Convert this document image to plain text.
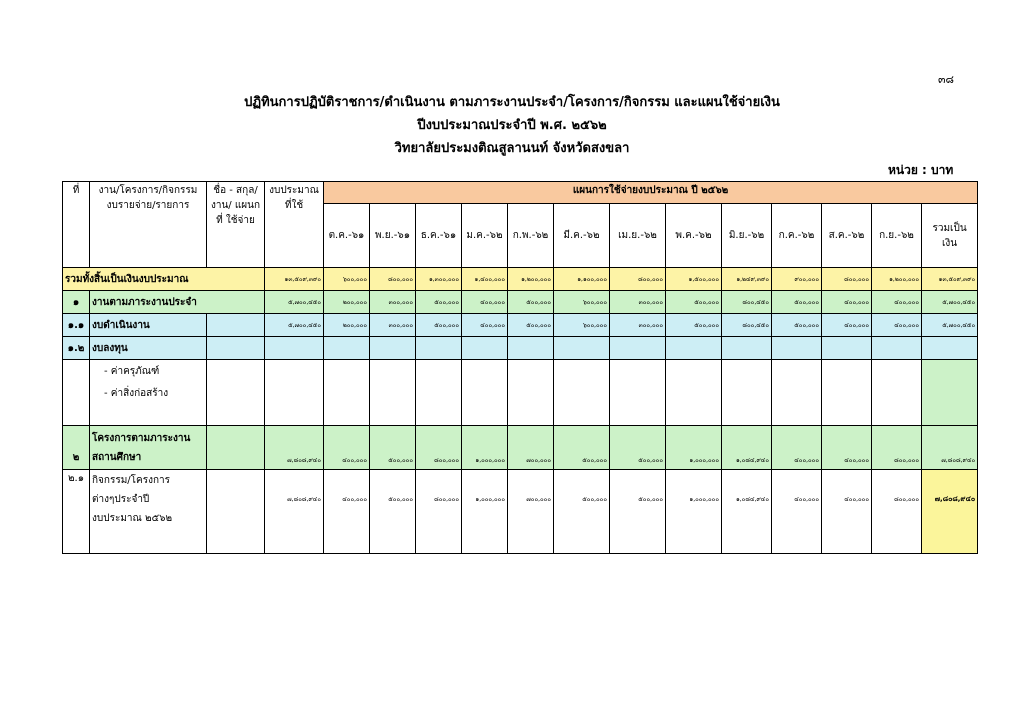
๓๘
ปฏิทินการปฏิบัติราชการ/ดำเนินงาน ตามภาระงานประจำ/โครงการ/กิจกรรม และแผนใช้จ่ายเงิน
ปีงบประมาณประจำปี พ.ศ. ๒๕๖๒
วิทยาลัยประมงติณสูลานนท์ จังหวัดสงขลา
หน่วย : บาท
ที่	งาน/โครงการ/กิจกรรม งบรายจ่าย/รายการ	ชื่อ - สกุล/ งาน/ แผนก ที่ ใช้จ่าย	งบประมาณ ที่ใช้	แผนการใช้จ่ายงบประมาณ ปี ๒๕๖๒												
				ต.ค.-๖๑	พ.ย.-๖๑	ธ.ค.-๖๑	ม.ค.-๖๒	ก.พ.-๖๒	มี.ค.-๖๒	เม.ย.-๖๒	พ.ค.-๖๒	มิ.ย.-๖๒	ก.ค.-๖๒	ส.ค.-๖๒	ก.ย.-๖๒	รวมเป็น เงิน
รวมทั้งสิ้นเป็นเงินงบประมาณ			๑๓,๕๐๙,๓๙๐	๖๐๐,๐๐๐	๘๐๐,๐๐๐	๑,๓๐๐,๐๐๐	๑,๔๐๐,๐๐๐	๑,๒๐๐,๐๐๐	๑,๑๐๐,๐๐๐	๘๐๐,๐๐๐	๑,๕๐๐,๐๐๐	๑,๒๔๙,๓๙๐	๙๐๐,๐๐๐	๘๐๐,๐๐๐	๑,๒๐๐,๐๐๐	๑๓,๕๐๙,๓๙๐
๑	งานตามภาระงานประจำ		๕,๗๐๐,๔๕๐	๒๐๐,๐๐๐	๓๐๐,๐๐๐	๕๐๐,๐๐๐	๔๐๐,๐๐๐	๕๐๐,๐๐๐	๖๐๐,๐๐๐	๓๐๐,๐๐๐	๕๐๐,๐๐๐	๘๐๐,๔๕๐	๕๐๐,๐๐๐	๔๐๐,๐๐๐	๔๐๐,๐๐๐	๕,๗๐๐,๔๕๐
๑.๑	งบดำเนินงาน		๕,๗๐๐,๔๕๐	๒๐๐,๐๐๐	๓๐๐,๐๐๐	๕๐๐,๐๐๐	๔๐๐,๐๐๐	๕๐๐,๐๐๐	๖๐๐,๐๐๐	๓๐๐,๐๐๐	๕๐๐,๐๐๐	๘๐๐,๔๕๐	๕๐๐,๐๐๐	๔๐๐,๐๐๐	๔๐๐,๐๐๐	๕,๗๐๐,๔๕๐
๑.๒	งบลงทุน															

	- ค่าครุภัณฑ์
- ค่าสิ่งก่อสร้าง															

๒	โครงการตามภาระงาน
สถานศึกษา		๗,๘๐๘,๙๔๐	๔๐๐,๐๐๐	๕๐๐,๐๐๐	๘๐๐,๐๐๐	๑,๐๐๐,๐๐๐	๗๐๐,๐๐๐	๕๐๐,๐๐๐	๕๐๐,๐๐๐	๑,๐๐๐,๐๐๐	๑,๐๘๔,๙๔๐	๔๐๐,๐๐๐	๔๐๐,๐๐๐	๘๐๐,๐๐๐	๗,๘๐๘,๙๔๐
๒.๑	กิจกรรม/โครงการ
ต่างๆประจำปี
งบประมาณ ๒๕๖๒		๗,๘๐๘,๙๔๐	๔๐๐,๐๐๐	๕๐๐,๐๐๐	๘๐๐,๐๐๐	๑,๐๐๐,๐๐๐	๗๐๐,๐๐๐	๕๐๐,๐๐๐	๕๐๐,๐๐๐	๑,๐๐๐,๐๐๐	๑,๐๘๔,๙๔๐	๔๐๐,๐๐๐	๔๐๐,๐๐๐	๘๐๐,๐๐๐	๗,๘๐๘,๙๔๐
